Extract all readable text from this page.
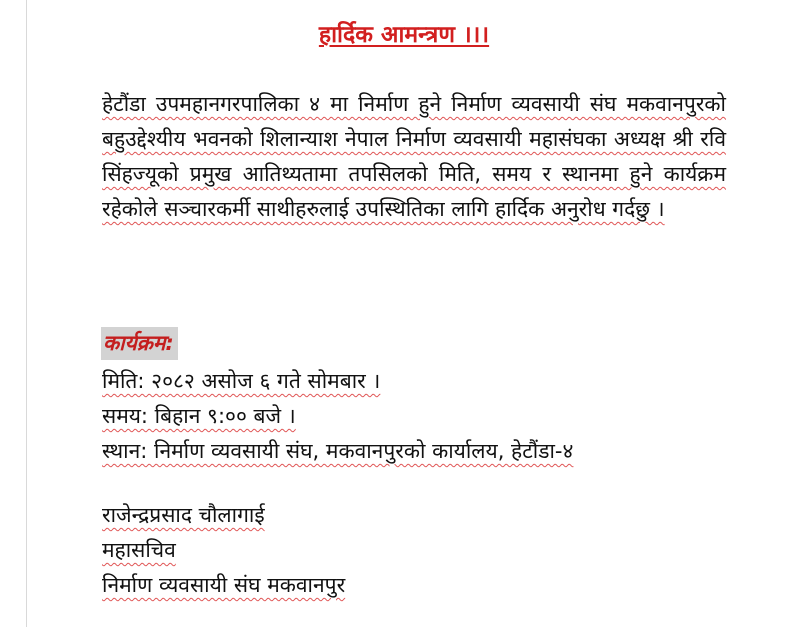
हार्दिक आमन्त्रण ।।।

हेटौंडा उपमहानगरपालिका ४ मा निर्माण हुने निर्माण व्यवसायी संघ मकवानपुरको बहुउद्देश्यीय भवनको शिलान्याश नेपाल निर्माण व्यवसायी महासंघका अध्यक्ष श्री रवि सिंहज्यूको प्रमुख आतिथ्यतामा तपसिलको मिति, समय र स्थानमा हुने कार्यक्रम रहेकोले सञ्चारकर्मी साथीहरुलाई उपस्थितिका लागि हार्दिक अनुरोध गर्दछु ।

कार्यक्रम:
मिति: २०८२ असोज ६ गते सोमबार ।
समय: बिहान ९:०० बजे ।
स्थान: निर्माण व्यवसायी संघ, मकवानपुरको कार्यालय, हेटौंडा-४
राजेन्द्रप्रसाद चौलागाई
महासचिव
निर्माण व्यवसायी संघ मकवानपुर
